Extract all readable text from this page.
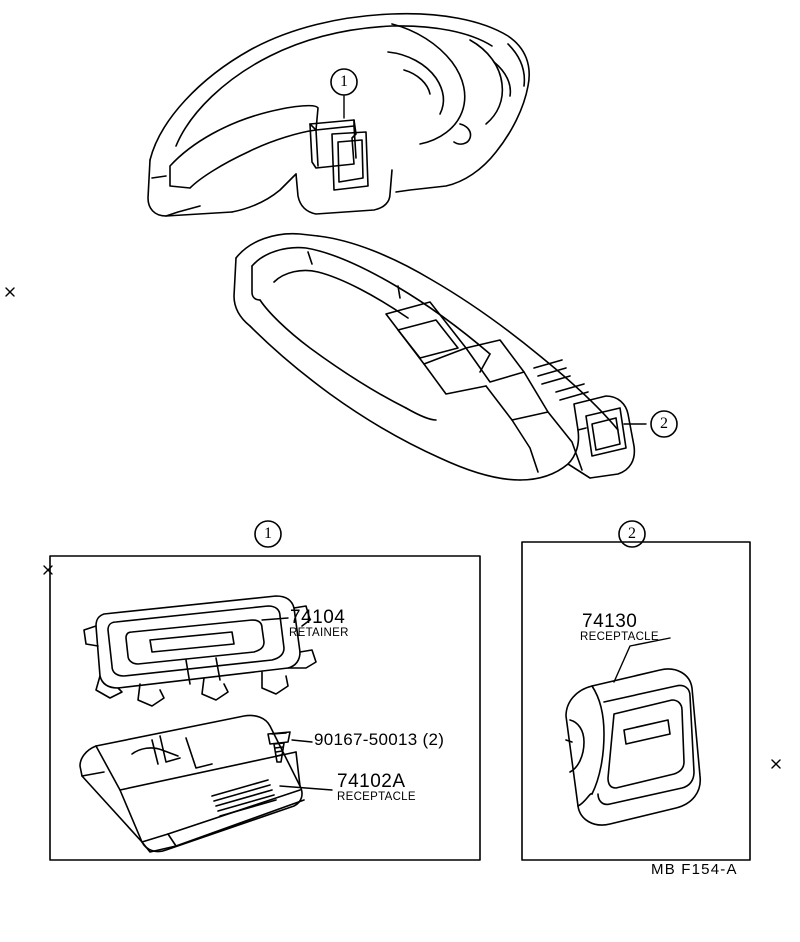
1
2
1	2
74104
RETAINER
90167-50013 (2)
74102A
RECEPTACLE
74130
RECEPTACLE
MB F154-A
